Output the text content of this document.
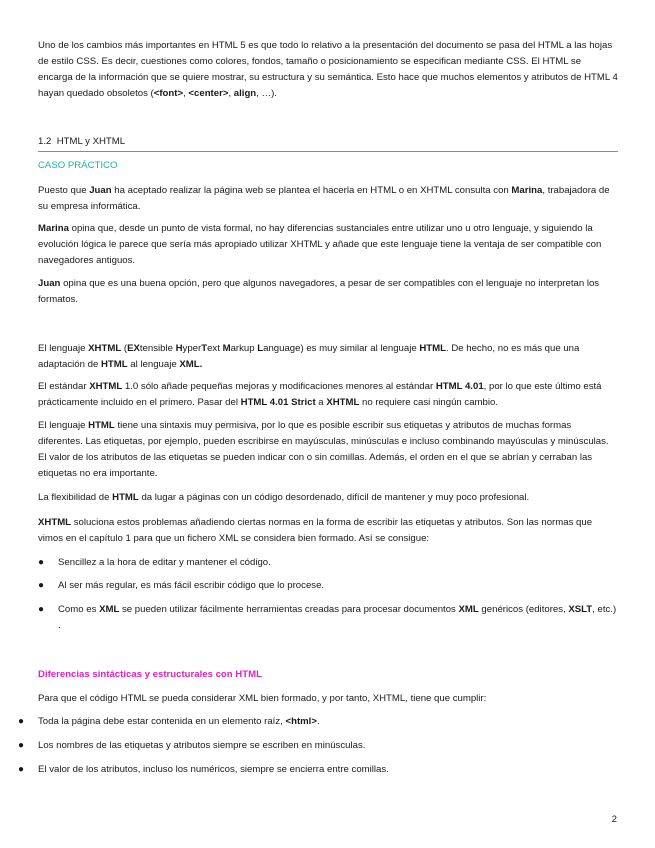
Uno de los cambios más importantes en HTML 5 es que todo lo relativo a la presentación del documento se pasa del HTML a las hojas de estilo CSS. Es decir, cuestiones como colores, fondos, tamaño o posicionamiento se especifican mediante CSS. El HTML se encarga de la información que se quiere mostrar, su estructura y su semántica. Esto hace que muchos elementos y atributos de HTML 4 hayan quedado obsoletos (<font>, <center>, align, …).

1.2 HTML y XHTML
CASO PRÁCTICO

Puesto que Juan ha aceptado realizar la página web se plantea el hacerla en HTML o en XHTML consulta con Marina, trabajadora de su empresa informática.

Marina opina que, desde un punto de vista formal, no hay diferencias sustanciales entre utilizar uno u otro lenguaje, y siguiendo la evolución lógica le parece que sería más apropiado utilizar XHTML y añade que este lenguaje tiene la ventaja de ser compatible con navegadores antiguos.

Juan opina que es una buena opción, pero que algunos navegadores, a pesar de ser compatibles con el lenguaje no interpretan los formatos.

El lenguaje XHTML (EXtensible HyperText Markup Language) es muy similar al lenguaje HTML. De hecho, no es más que una adaptación de HTML al lenguaje XML.

El estándar XHTML 1.0 sólo añade pequeñas mejoras y modificaciones menores al estándar HTML 4.01, por lo que este último está prácticamente incluido en el primero. Pasar del HTML 4.01 Strict a XHTML no requiere casi ningún cambio.

El lenguaje HTML tiene una sintaxis muy permisiva, por lo que es posible escribir sus etiquetas y atributos de muchas formas diferentes. Las etiquetas, por ejemplo, pueden escribirse en mayúsculas, minúsculas e incluso combinando mayúsculas y minúsculas. El valor de los atributos de las etiquetas se pueden indicar con o sin comillas. Además, el orden en el que se abrían y cerraban las etiquetas no era importante.

La flexibilidad de HTML da lugar a páginas con un código desordenado, difícil de mantener y muy poco profesional.

XHTML soluciona estos problemas añadiendo ciertas normas en la forma de escribir las etiquetas y atributos. Son las normas que vimos en el capítulo 1 para que un fichero XML se considera bien formado. Así se consigue:

● Sencillez a la hora de editar y mantener el código.

● Al ser más regular, es más fácil escribir código que lo procese.

● Como es XML se pueden utilizar fácilmente herramientas creadas para procesar documentos XML genéricos (editores, XSLT, etc.) .

Diferencias sintácticas y estructurales con HTML

Para que el código HTML se pueda considerar XML bien formado, y por tanto, XHTML, tiene que cumplir:

● Toda la página debe estar contenida en un elemento raíz, <html>.

● Los nombres de las etiquetas y atributos siempre se escriben en minúsculas.

● El valor de los atributos, incluso los numéricos, siempre se encierra entre comillas.

2
